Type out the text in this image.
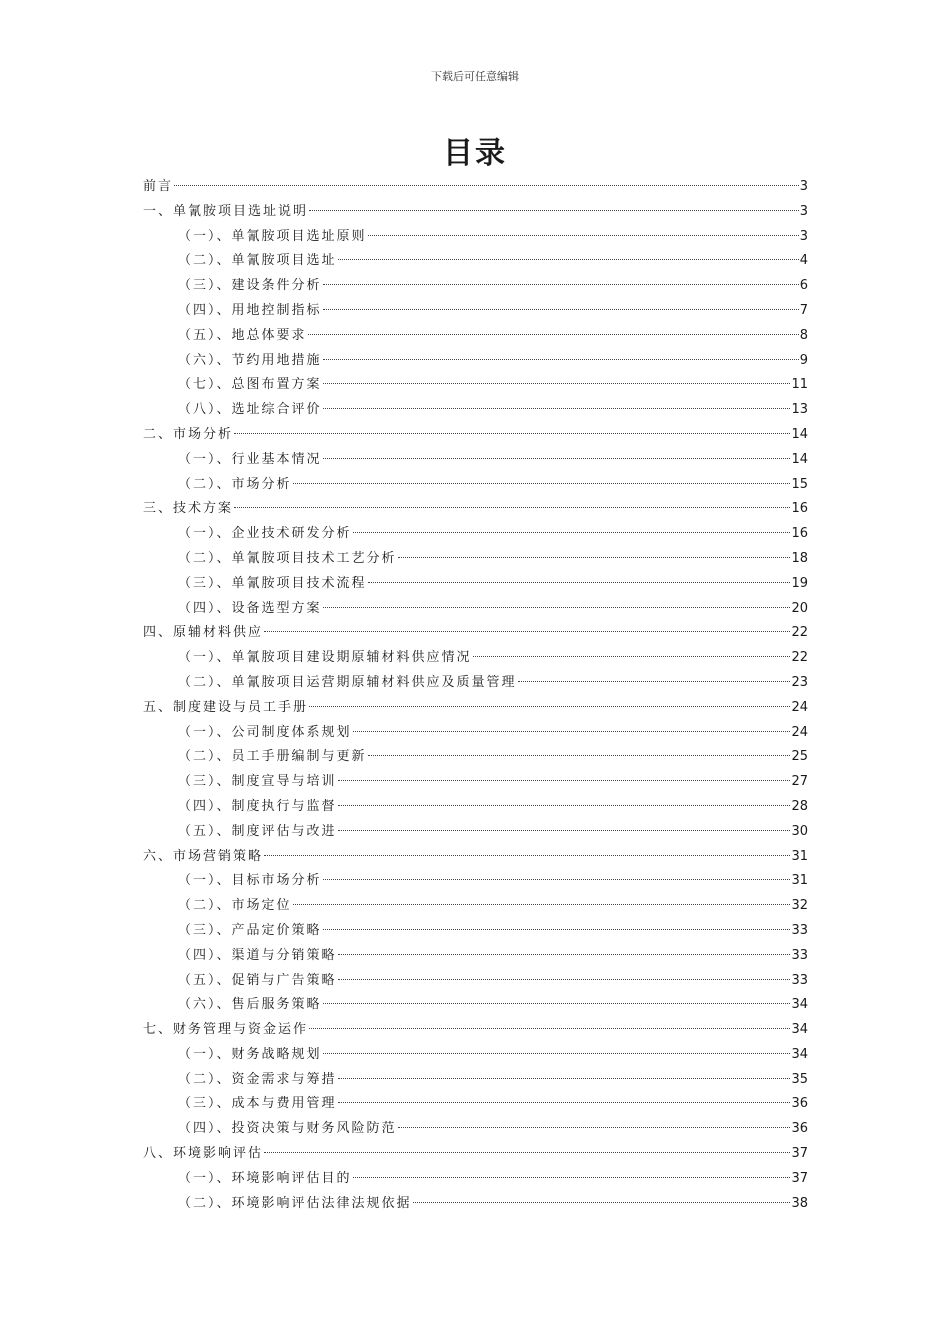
下载后可任意编辑
目录
前言	3
一、单氰胺项目选址说明	3
（一）、单氰胺项目选址原则	3
（二）、单氰胺项目选址	4
（三）、建设条件分析	6
（四）、用地控制指标	7
（五）、地总体要求	8
（六）、节约用地措施	9
（七）、总图布置方案	11
（八）、选址综合评价	13
二、市场分析	14
（一）、行业基本情况	14
（二）、市场分析	15
三、技术方案	16
（一）、企业技术研发分析	16
（二）、单氰胺项目技术工艺分析	18
（三）、单氰胺项目技术流程	19
（四）、设备选型方案	20
四、原辅材料供应	22
（一）、单氰胺项目建设期原辅材料供应情况	22
（二）、单氰胺项目运营期原辅材料供应及质量管理	23
五、制度建设与员工手册	24
（一）、公司制度体系规划	24
（二）、员工手册编制与更新	25
（三）、制度宣导与培训	27
（四）、制度执行与监督	28
（五）、制度评估与改进	30
六、市场营销策略	31
（一）、目标市场分析	31
（二）、市场定位	32
（三）、产品定价策略	33
（四）、渠道与分销策略	33
（五）、促销与广告策略	33
（六）、售后服务策略	34
七、财务管理与资金运作	34
（一）、财务战略规划	34
（二）、资金需求与筹措	35
（三）、成本与费用管理	36
（四）、投资决策与财务风险防范	36
八、环境影响评估	37
（一）、环境影响评估目的	37
（二）、环境影响评估法律法规依据	38
